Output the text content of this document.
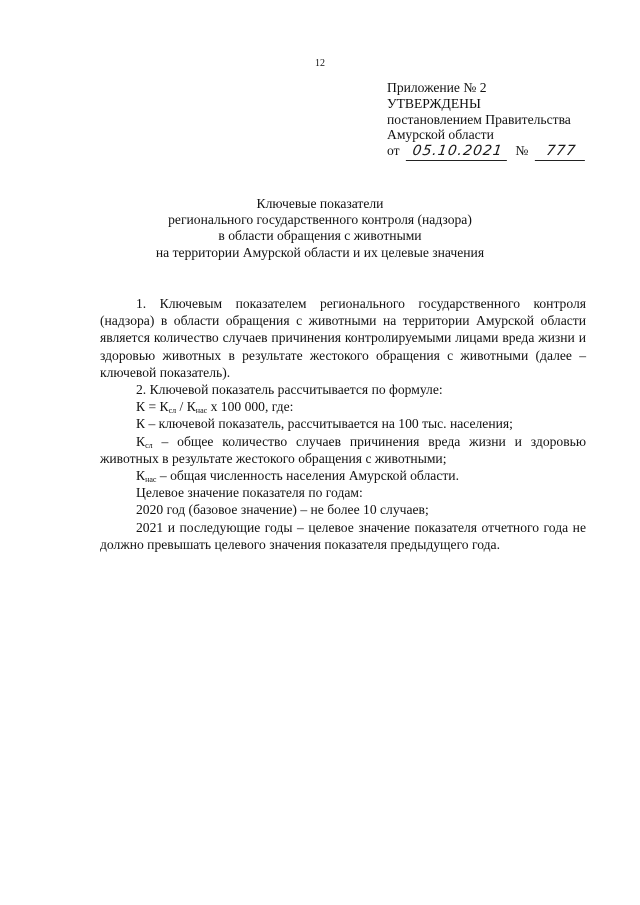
12
Приложение № 2
УТВЕРЖДЕНЫ
постановлением Правительства
Амурской области
от 05.10.2021 № 777
Ключевые показатели
регионального государственного контроля (надзора)
в области обращения с животными
на территории Амурской области и их целевые значения

1. Ключевым показателем регионального государственного контроля (надзора) в области обращения с животными на территории Амурской области является количество случаев причинения контролируемыми лицами вреда жизни и здоровью животных в результате жестокого обращения с животными (далее – ключевой показатель).

2. Ключевой показатель рассчитывается по формуле:

$К = К_{сл} / К_{нас}$ х 100 000, где:

К – ключевой показатель, рассчитывается на 100 тыс. населения;

$К_{сл}$ – общее количество случаев причинения вреда жизни и здоровью животных в результате жестокого обращения с животными;

$К_{нас}$ – общая численность населения Амурской области.

Целевое значение показателя по годам:

2020 год (базовое значение) – не более 10 случаев;

2021 и последующие годы – целевое значение показателя отчетного года не должно превышать целевого значения показателя предыдущего года.
